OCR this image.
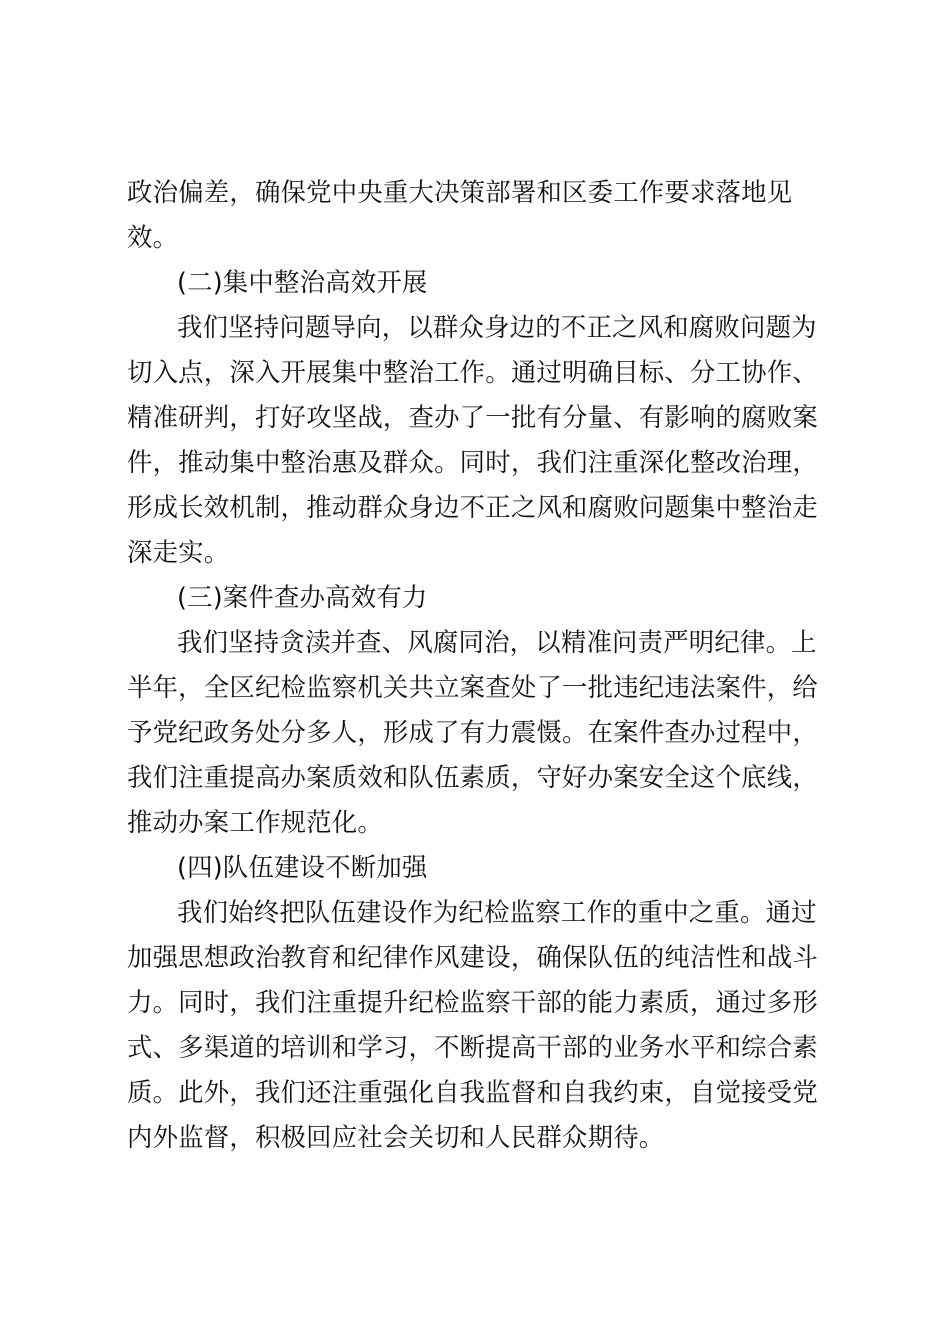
政治偏差，确保党中央重大决策部署和区委工作要求落地见
效。
(二)集中整治高效开展
我们坚持问题导向，以群众身边的不正之风和腐败问题为
切入点，深入开展集中整治工作。通过明确目标、分工协作、
精准研判，打好攻坚战，查办了一批有分量、有影响的腐败案
件，推动集中整治惠及群众。同时，我们注重深化整改治理，
形成长效机制，推动群众身边不正之风和腐败问题集中整治走
深走实。
(三)案件查办高效有力
我们坚持贪渎并查、风腐同治，以精准问责严明纪律。上
半年，全区纪检监察机关共立案查处了一批违纪违法案件，给
予党纪政务处分多人，形成了有力震慑。在案件查办过程中，
我们注重提高办案质效和队伍素质，守好办案安全这个底线，
推动办案工作规范化。
(四)队伍建设不断加强
我们始终把队伍建设作为纪检监察工作的重中之重。通过
加强思想政治教育和纪律作风建设，确保队伍的纯洁性和战斗
力。同时，我们注重提升纪检监察干部的能力素质，通过多形
式、多渠道的培训和学习，不断提高干部的业务水平和综合素
质。此外，我们还注重强化自我监督和自我约束，自觉接受党
内外监督，积极回应社会关切和人民群众期待。
